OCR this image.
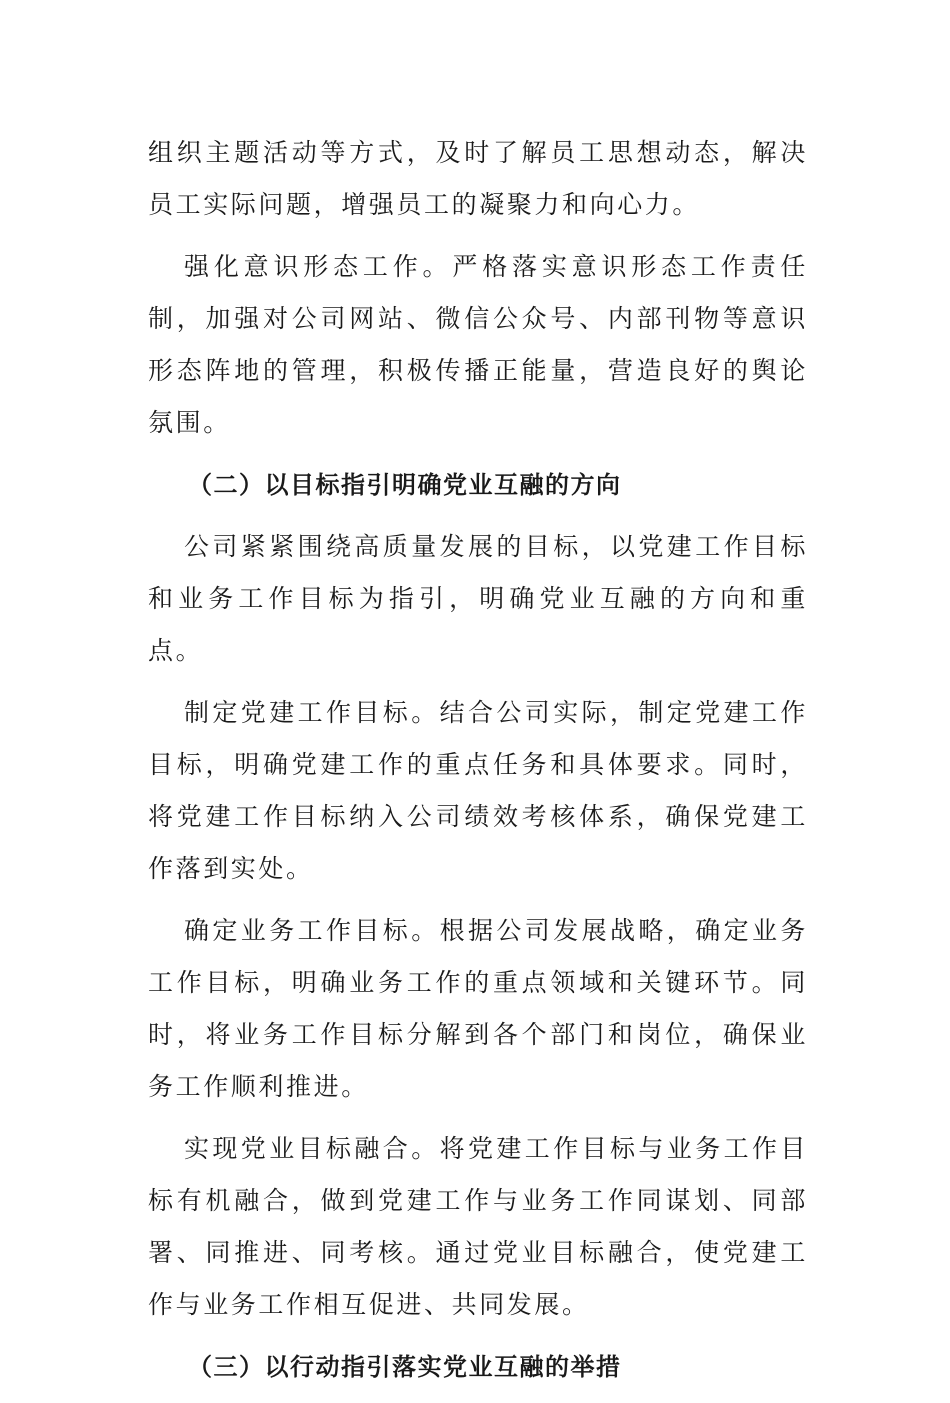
组织主题活动等方式，及时了解员工思想动态，解决员工实际问题，增强员工的凝聚力和向心力。

强化意识形态工作。严格落实意识形态工作责任制，加强对公司网站、微信公众号、内部刊物等意识形态阵地的管理，积极传播正能量，营造良好的舆论氛围。

（二）以目标指引明确党业互融的方向

公司紧紧围绕高质量发展的目标，以党建工作目标和业务工作目标为指引，明确党业互融的方向和重点。

制定党建工作目标。结合公司实际，制定党建工作目标，明确党建工作的重点任务和具体要求。同时，将党建工作目标纳入公司绩效考核体系，确保党建工作落到实处。

确定业务工作目标。根据公司发展战略，确定业务工作目标，明确业务工作的重点领域和关键环节。同时，将业务工作目标分解到各个部门和岗位，确保业务工作顺利推进。

实现党业目标融合。将党建工作目标与业务工作目标有机融合，做到党建工作与业务工作同谋划、同部署、同推进、同考核。通过党业目标融合，使党建工作与业务工作相互促进、共同发展。

（三）以行动指引落实党业互融的举措
